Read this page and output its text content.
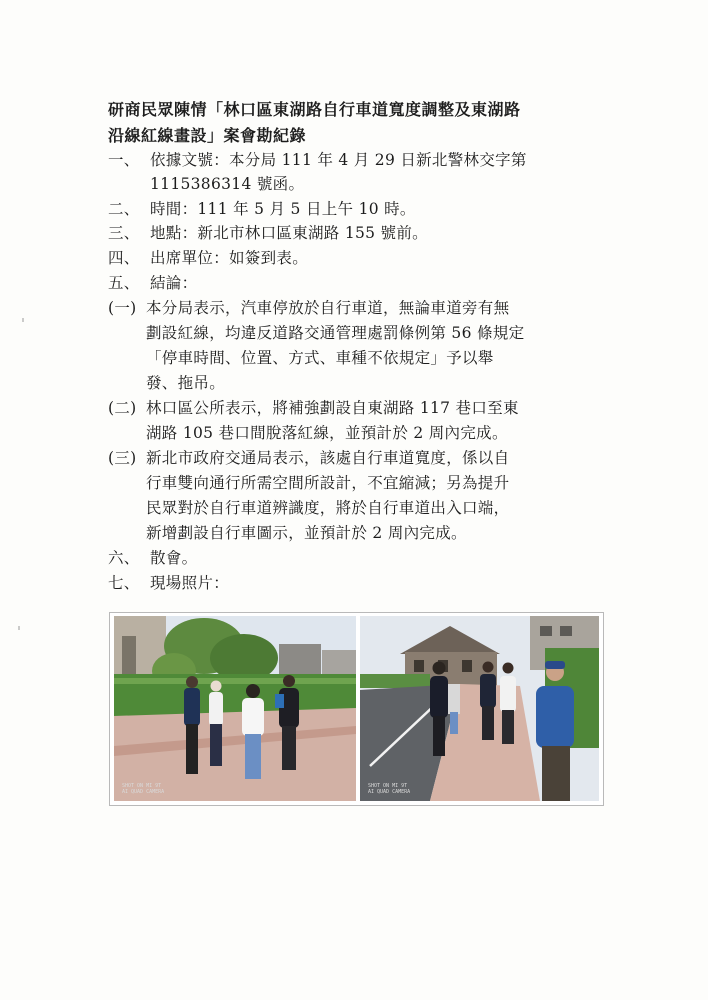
研商民眾陳情「林口區東湖路自行車道寬度調整及東湖路
沿線紅線畫設」案會勘紀錄
一、 依據文號：本分局 111 年 4 月 29 日新北警林交字第
1115386314 號函。
二、 時間：111 年 5 月 5 日上午 10 時。
三、 地點：新北市林口區東湖路 155 號前。
四、 出席單位：如簽到表。
五、 結論：
(一) 本分局表示，汽車停放於自行車道，無論車道旁有無
劃設紅線，均違反道路交通管理處罰條例第 56 條規定
「停車時間、位置、方式、車種不依規定」予以舉
發、拖吊。
(二) 林口區公所表示，將補強劃設自東湖路 117 巷口至東
湖路 105 巷口間脫落紅線，並預計於 2 周內完成。
(三) 新北市政府交通局表示，該處自行車道寬度，係以自
行車雙向通行所需空間所設計，不宜縮減；另為提升
民眾對於自行車道辨識度，將於自行車道出入口端，
新增劃設自行車圖示，並預計於 2 周內完成。
六、 散會。
七、 現場照片：
SHOT ON MI 9T
AI QUAD CAMERA
SHOT ON MI 9T
AI QUAD CAMERA
